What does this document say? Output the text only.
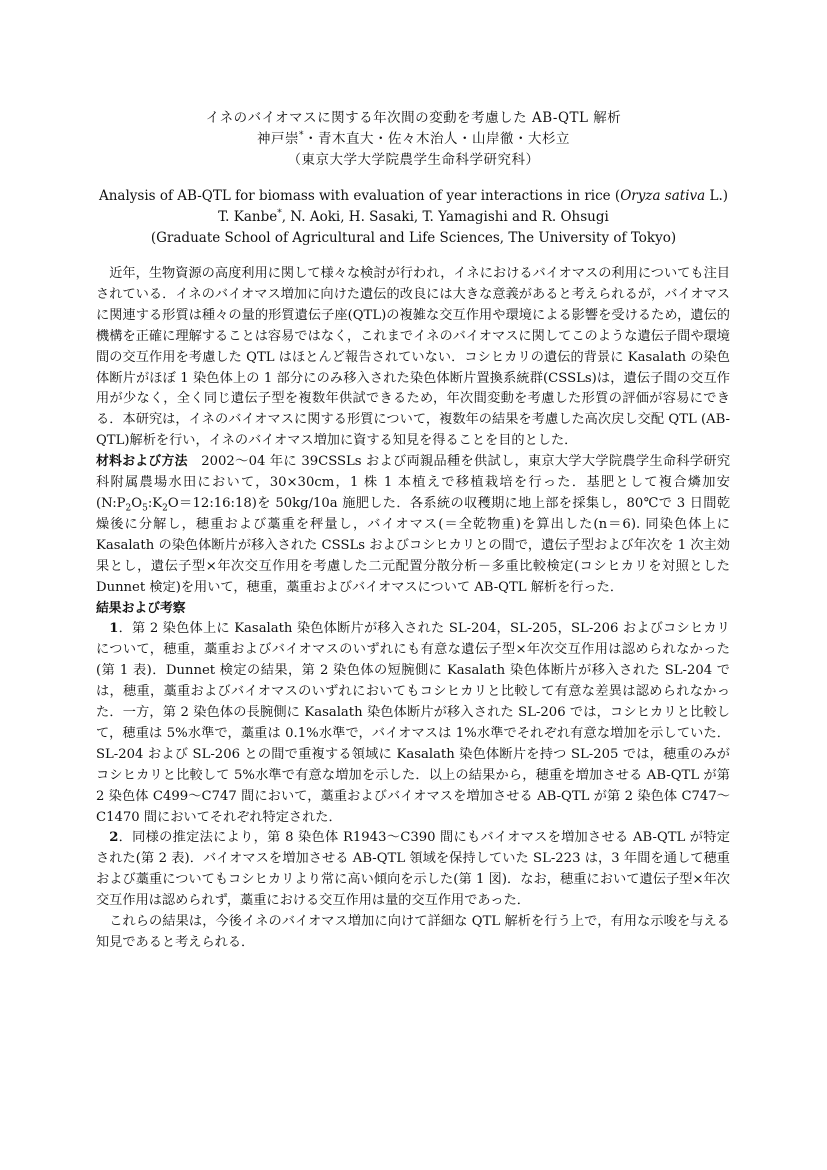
イネのバイオマスに関する年次間の変動を考慮した AB-QTL 解析
神戸崇*・青木直大・佐々木治人・山岸徹・大杉立
（東京大学大学院農学生命科学研究科）
Analysis of AB-QTL for biomass with evaluation of year interactions in rice (Oryza sativa L.)
T. Kanbe*, N. Aoki, H. Sasaki, T. Yamagishi and R. Ohsugi
(Graduate School of Agricultural and Life Sciences, The University of Tokyo)

近年，生物資源の高度利用に関して様々な検討が行われ，イネにおけるバイオマスの利用についても注目されている．イネのバイオマス増加に向けた遺伝的改良には大きな意義があると考えられるが，バイオマスに関連する形質は種々の量的形質遺伝子座(QTL)の複雑な交互作用や環境による影響を受けるため，遺伝的機構を正確に理解することは容易ではなく，これまでイネのバイオマスに関してこのような遺伝子間や環境間の交互作用を考慮した QTL はほとんど報告されていない．コシヒカリの遺伝的背景に Kasalath の染色体断片がほぼ 1 染色体上の 1 部分にのみ移入された染色体断片置換系統群(CSSLs)は，遺伝子間の交互作用が少なく，全く同じ遺伝子型を複数年供試できるため，年次間変動を考慮した形質の評価が容易にできる．本研究は，イネのバイオマスに関する形質について，複数年の結果を考慮した高次戻し交配 QTL (AB-QTL)解析を行い，イネのバイオマス増加に資する知見を得ることを目的とした．

材料および方法　2002～04 年に 39CSSLs および両親品種を供試し，東京大学大学院農学生命科学研究科附属農場水田において，30×30cm，1 株 1 本植えで移植栽培を行った．基肥として複合燐加安$(N:P_2O_5:K_2O=12:16:18)$を 50kg/10a 施肥した．各系統の収穫期に地上部を採集し，80℃で 3 日間乾燥後に分解し，穂重および藁重を秤量し，バイオマス(＝全乾物重)を算出した(n＝6). 同染色体上に Kasalath の染色体断片が移入された CSSLs およびコシヒカリとの間で，遺伝子型および年次を 1 次主効果とし，遺伝子型×年次交互作用を考慮した二元配置分散分析－多重比較検定(コシヒカリを対照とした Dunnet 検定)を用いて，穂重，藁重およびバイオマスについて AB-QTL 解析を行った．

結果および考察

1．第 2 染色体上に Kasalath 染色体断片が移入された SL-204，SL-205，SL-206 およびコシヒカリについて，穂重，藁重およびバイオマスのいずれにも有意な遺伝子型×年次交互作用は認められなかった(第 1 表)．Dunnet 検定の結果，第 2 染色体の短腕側に Kasalath 染色体断片が移入された SL-204 では，穂重，藁重およびバイオマスのいずれにおいてもコシヒカリと比較して有意な差異は認められなかった．一方，第 2 染色体の長腕側に Kasalath 染色体断片が移入された SL-206 では，コシヒカリと比較して，穂重は 5%水準で，藁重は 0.1%水準で，バイオマスは 1%水準でそれぞれ有意な増加を示していた．SL-204 および SL-206 との間で重複する領域に Kasalath 染色体断片を持つ SL-205 では，穂重のみがコシヒカリと比較して 5%水準で有意な増加を示した．以上の結果から，穂重を増加させる AB-QTL が第 2 染色体 C499～C747 間において，藁重およびバイオマスを増加させる AB-QTL が第 2 染色体 C747～C1470 間においてそれぞれ特定された．

2．同様の推定法により，第 8 染色体 R1943～C390 間にもバイオマスを増加させる AB-QTL が特定された(第 2 表)．バイオマスを増加させる AB-QTL 領域を保持していた SL-223 は，3 年間を通して穂重および藁重についてもコシヒカリより常に高い傾向を示した(第 1 図)．なお，穂重において遺伝子型×年次交互作用は認められず，藁重における交互作用は量的交互作用であった．

これらの結果は，今後イネのバイオマス増加に向けて詳細な QTL 解析を行う上で，有用な示唆を与える知見であると考えられる．
